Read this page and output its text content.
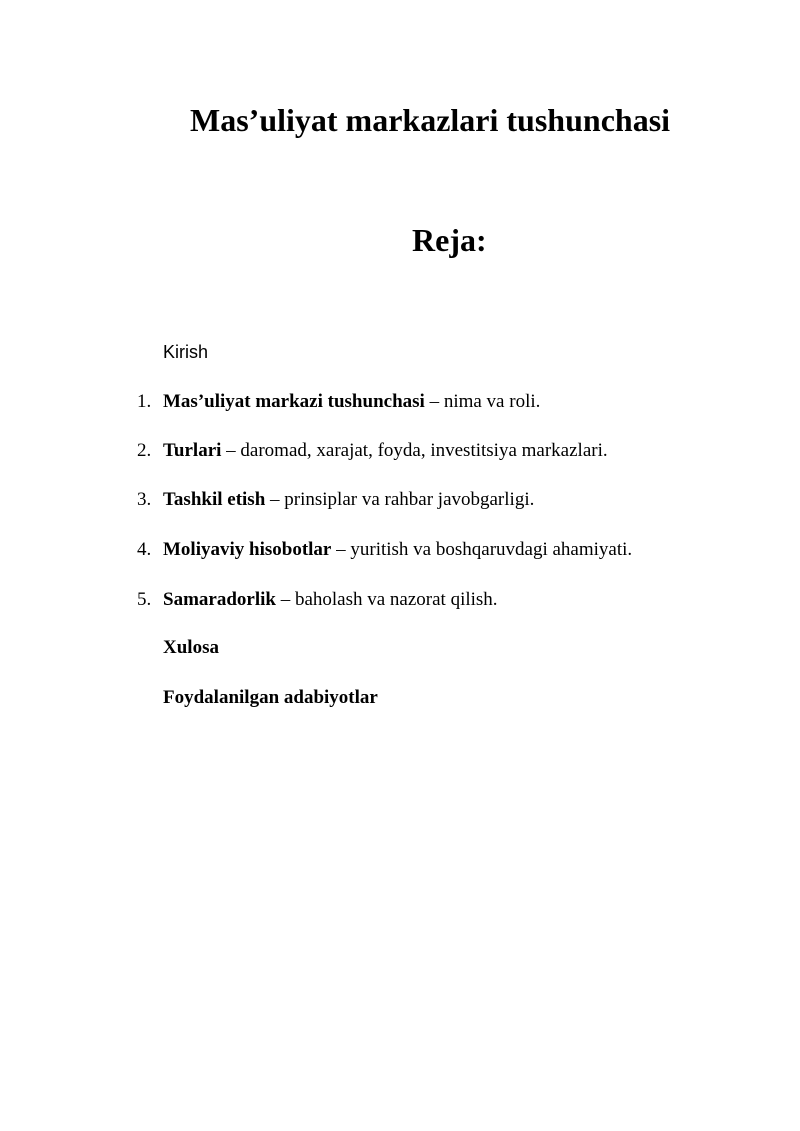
Mas’uliyat markazlari tushunchasi
Reja:
Kirish
1. Mas’uliyat markazi tushunchasi – nima va roli.
2. Turlari – daromad, xarajat, foyda, investitsiya markazlari.
3. Tashkil etish – prinsiplar va rahbar javobgarligi.
4. Moliyaviy hisobotlar – yuritish va boshqaruvdagi ahamiyati.
5. Samaradorlik – baholash va nazorat qilish.
Xulosa
Foydalanilgan adabiyotlar
